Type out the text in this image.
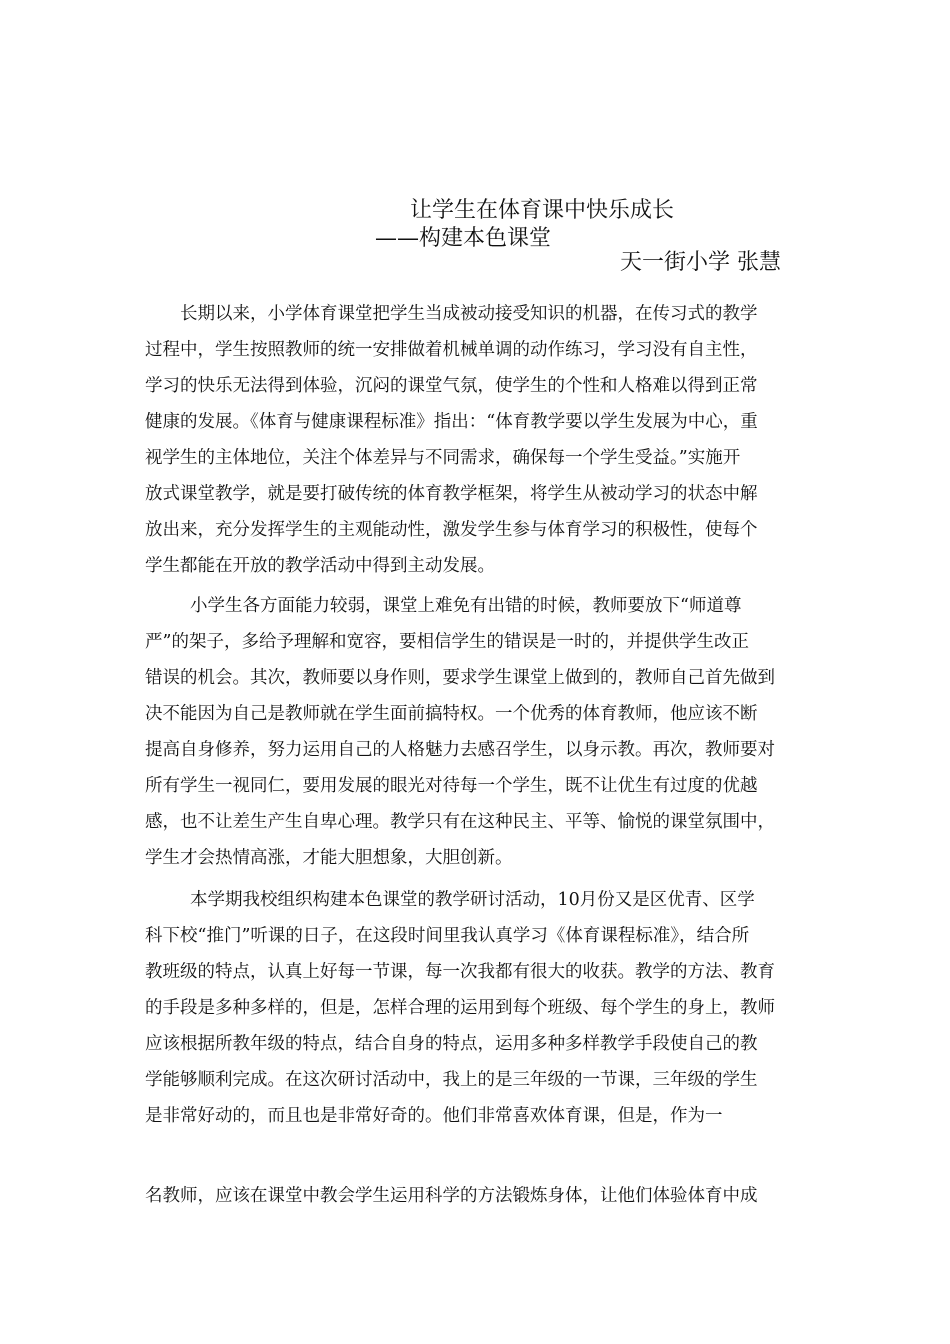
让学生在体育课中快乐成长
——构建本色课堂
天一街小学 张慧
长期以来，小学体育课堂把学生当成被动接受知识的机器，在传习式的教学
过程中，学生按照教师的统一安排做着机械单调的动作练习，学习没有自主性，
学习的快乐无法得到体验，沉闷的课堂气氛，使学生的个性和人格难以得到正常
健康的发展。《体育与健康课程标准》指出：“体育教学要以学生发展为中心，重
视学生的主体地位，关注个体差异与不同需求，确保每一个学生受益。”实施开
放式课堂教学，就是要打破传统的体育教学框架，将学生从被动学习的状态中解
放出来，充分发挥学生的主观能动性，激发学生参与体育学习的积极性，使每个
学生都能在开放的教学活动中得到主动发展。
小学生各方面能力较弱，课堂上难免有出错的时候，教师要放下“师道尊
严”的架子，多给予理解和宽容，要相信学生的错误是一时的，并提供学生改正
错误的机会。其次，教师要以身作则，要求学生课堂上做到的，教师自己首先做到
决不能因为自己是教师就在学生面前搞特权。一个优秀的体育教师，他应该不断
提高自身修养，努力运用自己的人格魅力去感召学生，以身示教。再次，教师要对
所有学生一视同仁，要用发展的眼光对待每一个学生，既不让优生有过度的优越
感，也不让差生产生自卑心理。教学只有在这种民主、平等、愉悦的课堂氛围中，
学生才会热情高涨，才能大胆想象，大胆创新。
本学期我校组织构建本色课堂的教学研讨活动，10月份又是区优青、区学
科下校“推门”听课的日子，在这段时间里我认真学习《体育课程标准》，结合所
教班级的特点，认真上好每一节课，每一次我都有很大的收获。教学的方法、教育
的手段是多种多样的，但是，怎样合理的运用到每个班级、每个学生的身上，教师
应该根据所教年级的特点，结合自身的特点，运用多种多样教学手段使自己的教
学能够顺利完成。在这次研讨活动中，我上的是三年级的一节课，三年级的学生
是非常好动的，而且也是非常好奇的。他们非常喜欢体育课，但是，作为一
名教师，应该在课堂中教会学生运用科学的方法锻炼身体，让他们体验体育中成
